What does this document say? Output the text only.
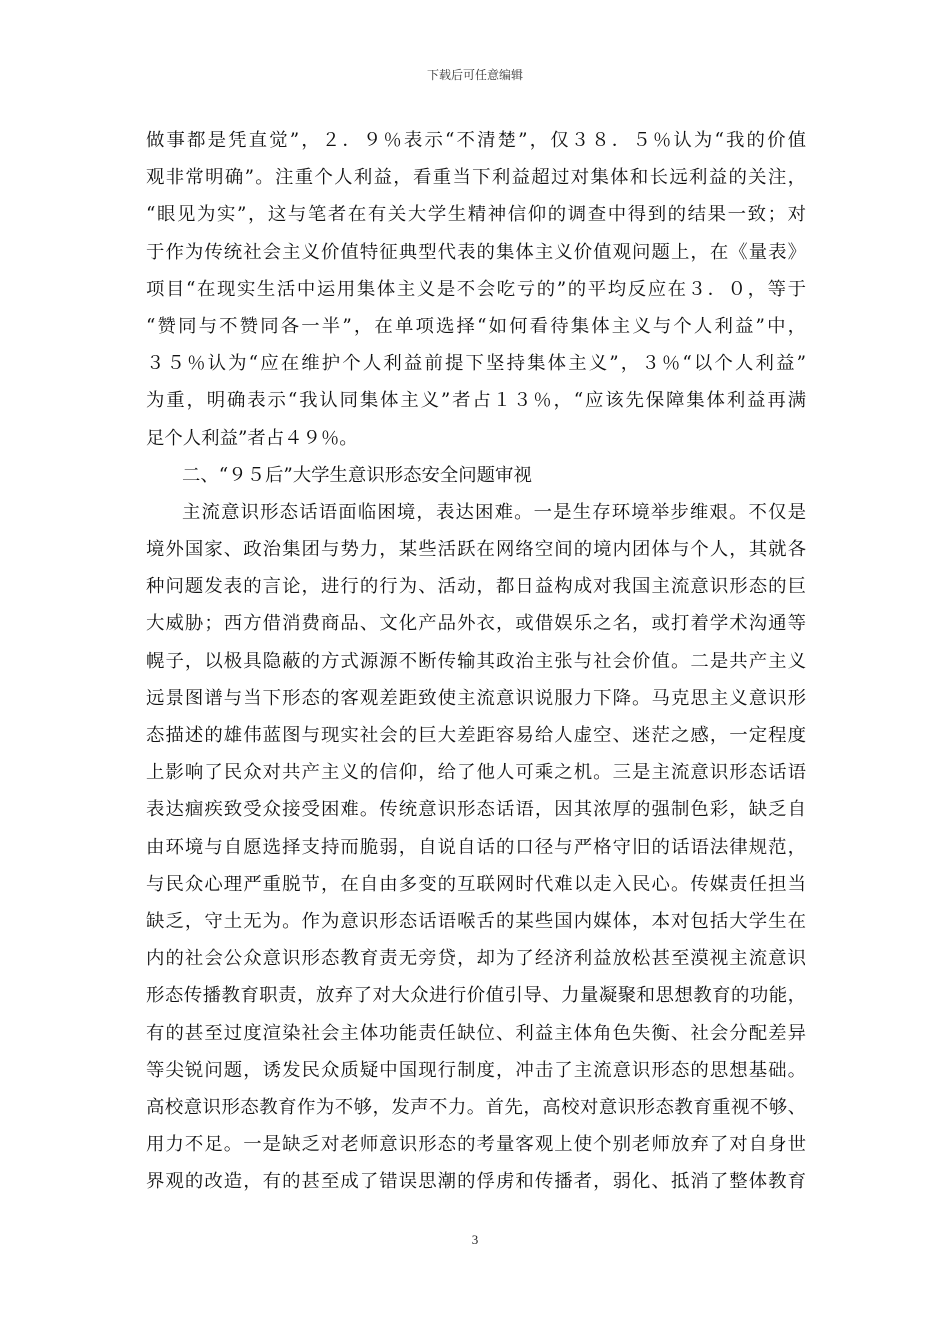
下载后可任意编辑
做事都是凭直觉”，２．９％表示“不清楚”，仅３８．５％认为“我的价值
观非常明确”。注重个人利益，看重当下利益超过对集体和长远利益的关注，
“眼见为实”，这与笔者在有关大学生精神信仰的调查中得到的结果一致；对
于作为传统社会主义价值特征典型代表的集体主义价值观问题上，在《量表》
项目“在现实生活中运用集体主义是不会吃亏的”的平均反应在３．０，等于
“赞同与不赞同各一半”，在单项选择“如何看待集体主义与个人利益”中，
３５％认为“应在维护个人利益前提下坚持集体主义”，３％“以个人利益”
为重，明确表示“我认同集体主义”者占１３％，“应该先保障集体利益再满
足个人利益”者占４９％。
二、“９５后”大学生意识形态安全问题审视
主流意识形态话语面临困境，表达困难。一是生存环境举步维艰。不仅是
境外国家、政治集团与势力，某些活跃在网络空间的境内团体与个人，其就各
种问题发表的言论，进行的行为、活动，都日益构成对我国主流意识形态的巨
大威胁；西方借消费商品、文化产品外衣，或借娱乐之名，或打着学术沟通等
幌子，以极具隐蔽的方式源源不断传输其政治主张与社会价值。二是共产主义
远景图谱与当下形态的客观差距致使主流意识说服力下降。马克思主义意识形
态描述的雄伟蓝图与现实社会的巨大差距容易给人虚空、迷茫之感，一定程度
上影响了民众对共产主义的信仰，给了他人可乘之机。三是主流意识形态话语
表达痼疾致受众接受困难。传统意识形态话语，因其浓厚的强制色彩，缺乏自
由环境与自愿选择支持而脆弱，自说自话的口径与严格守旧的话语法律规范，
与民众心理严重脱节，在自由多变的互联网时代难以走入民心。传媒责任担当
缺乏，守土无为。作为意识形态话语喉舌的某些国内媒体，本对包括大学生在
内的社会公众意识形态教育责无旁贷，却为了经济利益放松甚至漠视主流意识
形态传播教育职责，放弃了对大众进行价值引导、力量凝聚和思想教育的功能，
有的甚至过度渲染社会主体功能责任缺位、利益主体角色失衡、社会分配差异
等尖锐问题，诱发民众质疑中国现行制度，冲击了主流意识形态的思想基础。
高校意识形态教育作为不够，发声不力。首先，高校对意识形态教育重视不够、
用力不足。一是缺乏对老师意识形态的考量客观上使个别老师放弃了对自身世
界观的改造，有的甚至成了错误思潮的俘虏和传播者，弱化、抵消了整体教育
3
